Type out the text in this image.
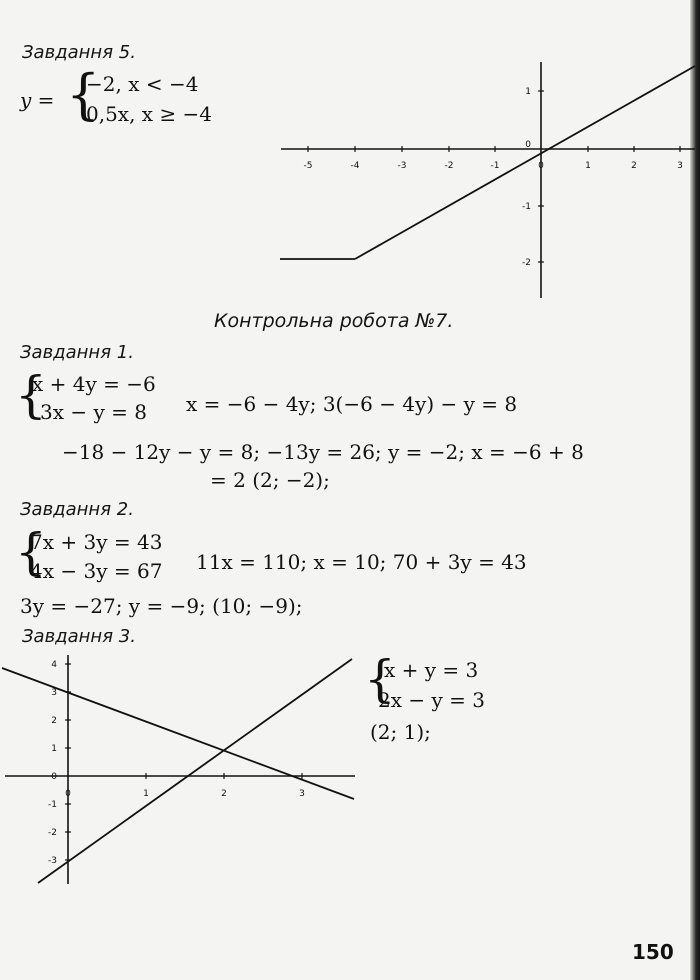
Завдання 5.
y = {
−2, x < −4
0,5x, x ≥ −4
-5	-4	-3	-2	-1	0	1	2	3
1
0
-1
-2
Контрольна робота №7.
Завдання 1.
{
x + 4y = −6
3x − y = 8 x = −6 − 4y; 3(−6 − 4y) − y = 8
−18 − 12y − y = 8; −13y = 26; y = −2; x = −6 + 8
= 2 (2; −2);
Завдання 2.
{
7x + 3y = 43
4x − 3y = 67 11x = 110; x = 10; 70 + 3y = 43
3y = −27; y = −9; (10; −9);
Завдання 3.
{
x + y = 3
2x − y = 3
(2; 1);
0	1	2	3
4
3
2
1
0
-1
-2
-3
150
